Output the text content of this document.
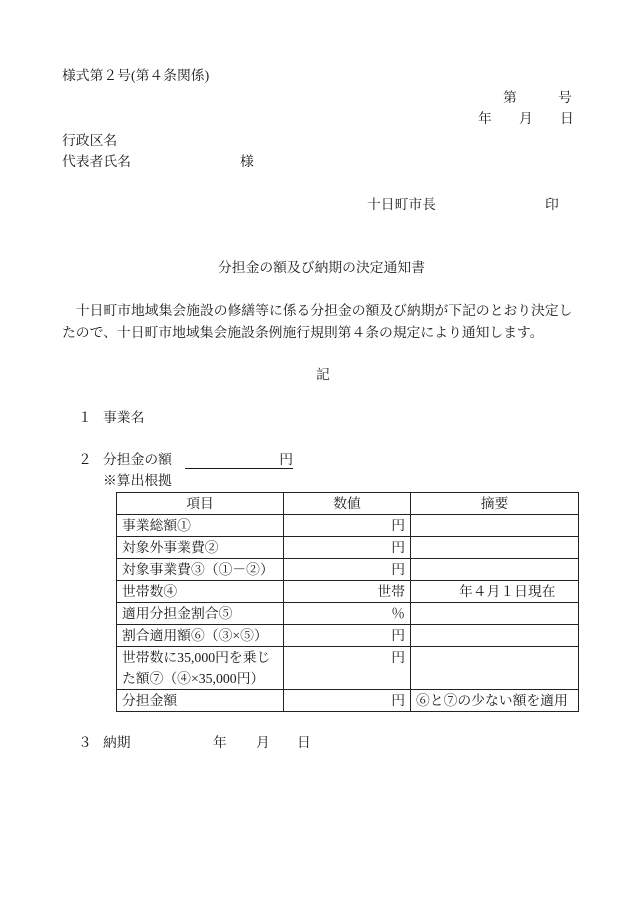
様式第２号(第４条関係)
第	号
年 月 日
行政区名
代表者氏名	様
十日町市長	印
分担金の額及び納期の決定通知書
　十日町市地域集会施設の修繕等に係る分担金の額及び納期が下記のとおり決定し
たので、十日町市地域集会施設条例施行規則第４条の規定により通知します。
記
１ 事業名
２ 分担金の額	円
※算出根拠
項目	数値	摘要
事業総額①	円	
対象外事業費②	円	
対象事業費③（①－②）	円	
世帯数④	世帯	年４月１日現在
適用分担金割合⑤	％	
割合適用額⑥（③×⑤）	円	

世帯数に35,000円を乗じ
た額⑦（④×35,000円）	円	
分担金額	円	⑥と⑦の少ない額を適用
３ 納期	年 月 日
